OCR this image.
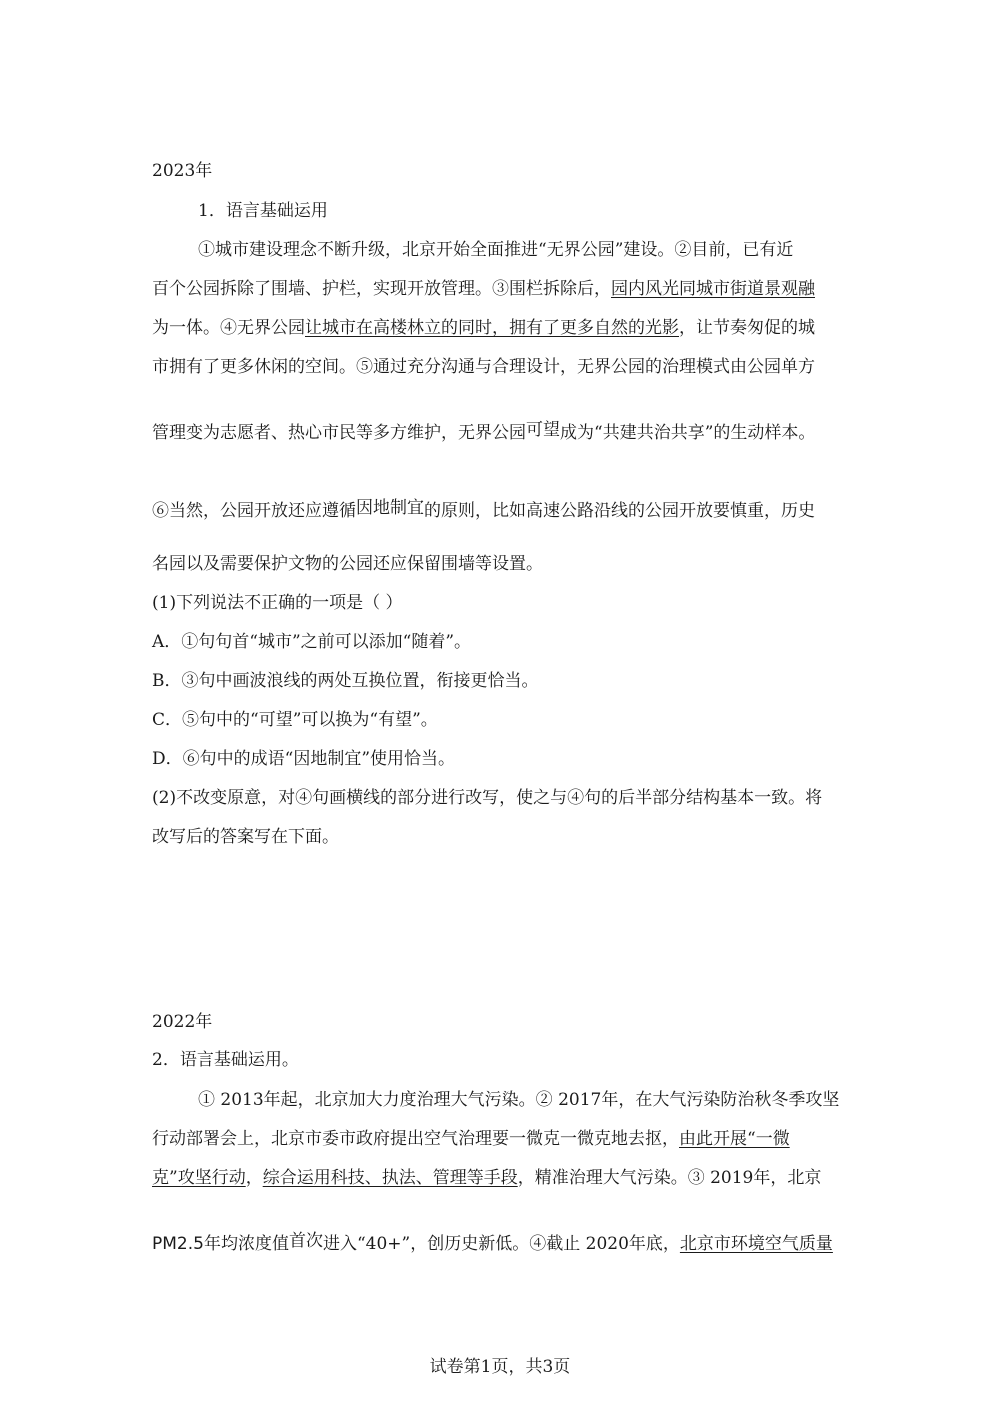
2023年
1．语言基础运用
①城市建设理念不断升级，北京开始全面推进“无界公园”建设。②目前，已有近
百个公园拆除了围墙、护栏，实现开放管理。③围栏拆除后，园内风光同城市街道景观融
为一体。④无界公园让城市在高楼林立的同时，拥有了更多自然的光影，让节奏匆促的城
市拥有了更多休闲的空间。⑤通过充分沟通与合理设计，无界公园的治理模式由公园单方
管理变为志愿者、热心市民等多方维护，无界公园可望成为“共建共治共享”的生动样本。
⑥当然，公园开放还应遵循因地制宜的原则，比如高速公路沿线的公园开放要慎重，历史
名园以及需要保护文物的公园还应保留围墙等设置。
(1)下列说法不正确的一项是（ ）
A．①句句首“城市”之前可以添加“随着”。
B．③句中画波浪线的两处互换位置，衔接更恰当。
C．⑤句中的“可望”可以换为“有望”。
D．⑥句中的成语“因地制宜”使用恰当。
(2)不改变原意，对④句画横线的部分进行改写，使之与④句的后半部分结构基本一致。将
改写后的答案写在下面。
2022年
2．语言基础运用。
① 2013年起，北京加大力度治理大气污染。② 2017年，在大气污染防治秋冬季攻坚
行动部署会上，北京市委市政府提出空气治理要一微克一微克地去抠，由此开展“一微
克”攻坚行动，综合运用科技、执法、管理等手段，精准治理大气污染。③ 2019年，北京
PM2.5年均浓度值首次进入“40+”，创历史新低。④截止 2020年底，北京市环境空气质量
试卷第1页，共3页
